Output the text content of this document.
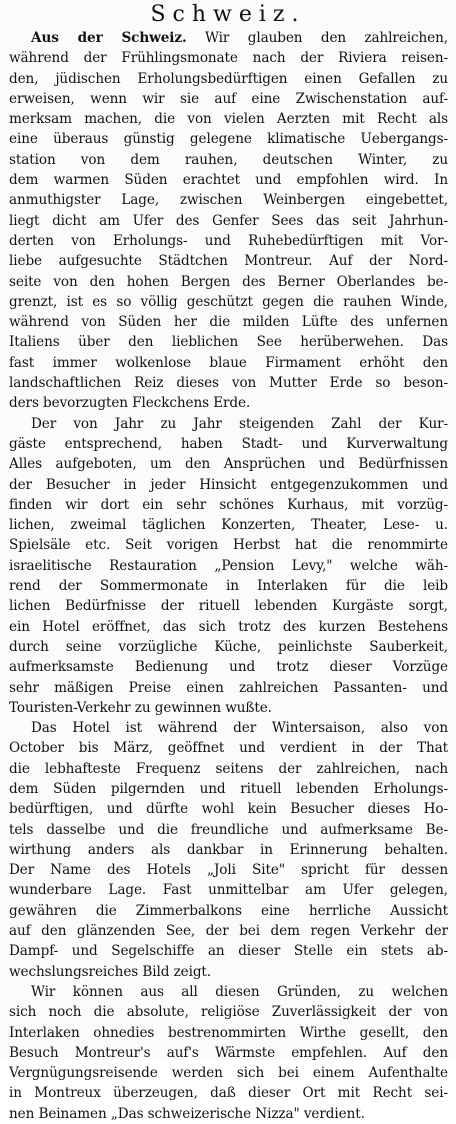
Schweiz.
Aus der Schweiz. Wir glauben den zahlreichen,
während der Frühlingsmonate nach der Riviera reisen-
den, jüdischen Erholungsbedürftigen einen Gefallen zu
erweisen, wenn wir sie auf eine Zwischenstation auf-
merksam machen, die von vielen Aerzten mit Recht als
eine überaus günstig gelegene klimatische Uebergangs-
station von dem rauhen, deutschen Winter, zu
dem warmen Süden erachtet und empfohlen wird. In
anmuthigster Lage, zwischen Weinbergen eingebettet,
liegt dicht am Ufer des Genfer Sees das seit Jahrhun-
derten von Erholungs- und Ruhebedürftigen mit Vor-
liebe aufgesuchte Städtchen Montreur. Auf der Nord-
seite von den hohen Bergen des Berner Oberlandes be-
grenzt, ist es so völlig geschützt gegen die rauhen Winde,
während von Süden her die milden Lüfte des unfernen
Italiens über den lieblichen See herüberwehen. Das
fast immer wolkenlose blaue Firmament erhöht den
landschaftlichen Reiz dieses von Mutter Erde so beson-
ders bevorzugten Fleckchens Erde.
Der von Jahr zu Jahr steigenden Zahl der Kur-
gäste entsprechend, haben Stadt- und Kurverwaltung
Alles aufgeboten, um den Ansprüchen und Bedürfnissen
der Besucher in jeder Hinsicht entgegenzukommen und
finden wir dort ein sehr schönes Kurhaus, mit vorzüg-
lichen, zweimal täglichen Konzerten, Theater, Lese- u.
Spielsäle etc. Seit vorigen Herbst hat die renommirte
israelitische Restauration „Pension Levy," welche wäh-
rend der Sommermonate in Interlaken für die leib
lichen Bedürfnisse der rituell lebenden Kurgäste sorgt,
ein Hotel eröffnet, das sich trotz des kurzen Bestehens
durch seine vorzügliche Küche, peinlichste Sauberkeit,
aufmerksamste Bedienung und trotz dieser Vorzüge
sehr mäßigen Preise einen zahlreichen Passanten- und
Touristen-Verkehr zu gewinnen wußte.
Das Hotel ist während der Wintersaison, also von
October bis März, geöffnet und verdient in der That
die lebhafteste Frequenz seitens der zahlreichen, nach
dem Süden pilgernden und rituell lebenden Erholungs-
bedürftigen, und dürfte wohl kein Besucher dieses Ho-
tels dasselbe und die freundliche und aufmerksame Be-
wirthung anders als dankbar in Erinnerung behalten.
Der Name des Hotels „Joli Site" spricht für dessen
wunderbare Lage. Fast unmittelbar am Ufer gelegen,
gewähren die Zimmerbalkons eine herrliche Aussicht
auf den glänzenden See, der bei dem regen Verkehr der
Dampf- und Segelschiffe an dieser Stelle ein stets ab-
wechslungsreiches Bild zeigt.
Wir können aus all diesen Gründen, zu welchen
sich noch die absolute, religiöse Zuverlässigkeit der von
Interlaken ohnedies bestrenommirten Wirthe gesellt, den
Besuch Montreur's auf's Wärmste empfehlen. Auf den
Vergnügungsreisende werden sich bei einem Aufenthalte
in Montreux überzeugen, daß dieser Ort mit Recht sei-
nen Beinamen „Das schweizerische Nizza" verdient.
